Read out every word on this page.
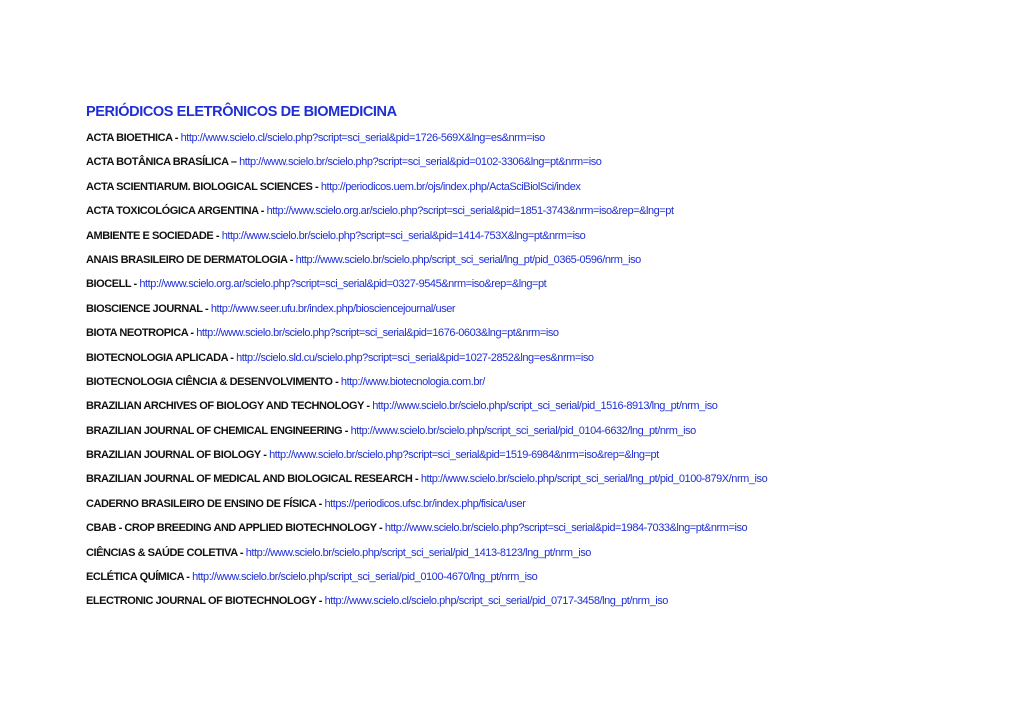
PERIÓDICOS ELETRÔNICOS DE BIOMEDICINA
ACTA BIOETHICA - http://www.scielo.cl/scielo.php?script=sci_serial&pid=1726-569X&lng=es&nrm=iso
ACTA BOTÂNICA BRASÍLICA – http://www.scielo.br/scielo.php?script=sci_serial&pid=0102-3306&lng=pt&nrm=iso
ACTA SCIENTIARUM. BIOLOGICAL SCIENCES - http://periodicos.uem.br/ojs/index.php/ActaSciBiolSci/index
ACTA TOXICOLÓGICA ARGENTINA - http://www.scielo.org.ar/scielo.php?script=sci_serial&pid=1851-3743&nrm=iso&rep=&lng=pt
AMBIENTE E SOCIEDADE - http://www.scielo.br/scielo.php?script=sci_serial&pid=1414-753X&lng=pt&nrm=iso
ANAIS BRASILEIRO DE DERMATOLOGIA - http://www.scielo.br/scielo.php/script_sci_serial/lng_pt/pid_0365-0596/nrm_iso
BIOCELL - http://www.scielo.org.ar/scielo.php?script=sci_serial&pid=0327-9545&nrm=iso&rep=&lng=pt
BIOSCIENCE JOURNAL - http://www.seer.ufu.br/index.php/biosciencejournal/user
BIOTA NEOTROPICA - http://www.scielo.br/scielo.php?script=sci_serial&pid=1676-0603&lng=pt&nrm=iso
BIOTECNOLOGIA APLICADA - http://scielo.sld.cu/scielo.php?script=sci_serial&pid=1027-2852&lng=es&nrm=iso
BIOTECNOLOGIA CIÊNCIA & DESENVOLVIMENTO - http://www.biotecnologia.com.br/
BRAZILIAN ARCHIVES OF BIOLOGY AND TECHNOLOGY - http://www.scielo.br/scielo.php/script_sci_serial/pid_1516-8913/lng_pt/nrm_iso
BRAZILIAN JOURNAL OF CHEMICAL ENGINEERING - http://www.scielo.br/scielo.php/script_sci_serial/pid_0104-6632/lng_pt/nrm_iso
BRAZILIAN JOURNAL OF BIOLOGY - http://www.scielo.br/scielo.php?script=sci_serial&pid=1519-6984&nrm=iso&rep=&lng=pt
BRAZILIAN JOURNAL OF MEDICAL AND BIOLOGICAL RESEARCH - http://www.scielo.br/scielo.php/script_sci_serial/lng_pt/pid_0100-879X/nrm_iso
CADERNO BRASILEIRO DE ENSINO DE FÍSICA - https://periodicos.ufsc.br/index.php/fisica/user
CBAB - CROP BREEDING AND APPLIED BIOTECHNOLOGY - http://www.scielo.br/scielo.php?script=sci_serial&pid=1984-7033&lng=pt&nrm=iso
CIÊNCIAS & SAÚDE COLETIVA - http://www.scielo.br/scielo.php/script_sci_serial/pid_1413-8123/lng_pt/nrm_iso
ECLÉTICA QUÍMICA - http://www.scielo.br/scielo.php/script_sci_serial/pid_0100-4670/lng_pt/nrm_iso
ELECTRONIC JOURNAL OF BIOTECHNOLOGY - http://www.scielo.cl/scielo.php/script_sci_serial/pid_0717-3458/lng_pt/nrm_iso
